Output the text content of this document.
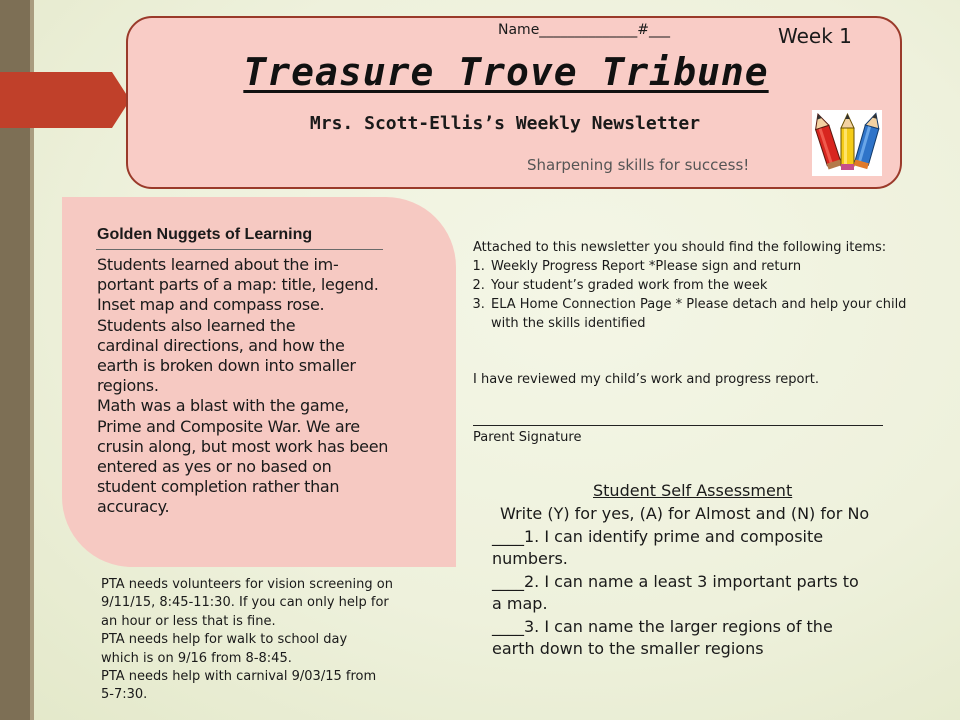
Name______________#___	Week 1
Treasure Trove Tribune
Mrs. Scott-Ellis’s Weekly Newsletter
Sharpening skills for success!
Golden Nuggets of Learning
Students learned about the im-
portant parts of a map: title, legend.
Inset map and compass rose.
Students also learned the
cardinal directions, and how the
earth is broken down into smaller
regions.
Math was a blast with the game,
Prime and Composite War. We are
crusin along, but most work has been
entered as yes or no based on
student completion rather than
accuracy.
Attached to this newsletter you should find the following items:
1. Weekly Progress Report *Please sign and return
2. Your student’s graded work from the week
3. ELA Home Connection Page * Please detach and help your child with the skills identified
I have reviewed my child’s work and progress report.
Parent Signature
Student Self Assessment
Write (Y) for yes, (A) for Almost and (N) for No
____1. I can identify prime and composite
numbers.
____2. I can name a least 3 important parts to
a map.
____3. I can name the larger regions of the
earth down to the smaller regions
PTA needs volunteers for vision screening on
9/11/15, 8:45-11:30. If you can only help for
an hour or less that is fine.
PTA needs help for walk to school day
which is on 9/16 from 8-8:45.
PTA needs help with carnival 9/03/15 from
5-7:30.
